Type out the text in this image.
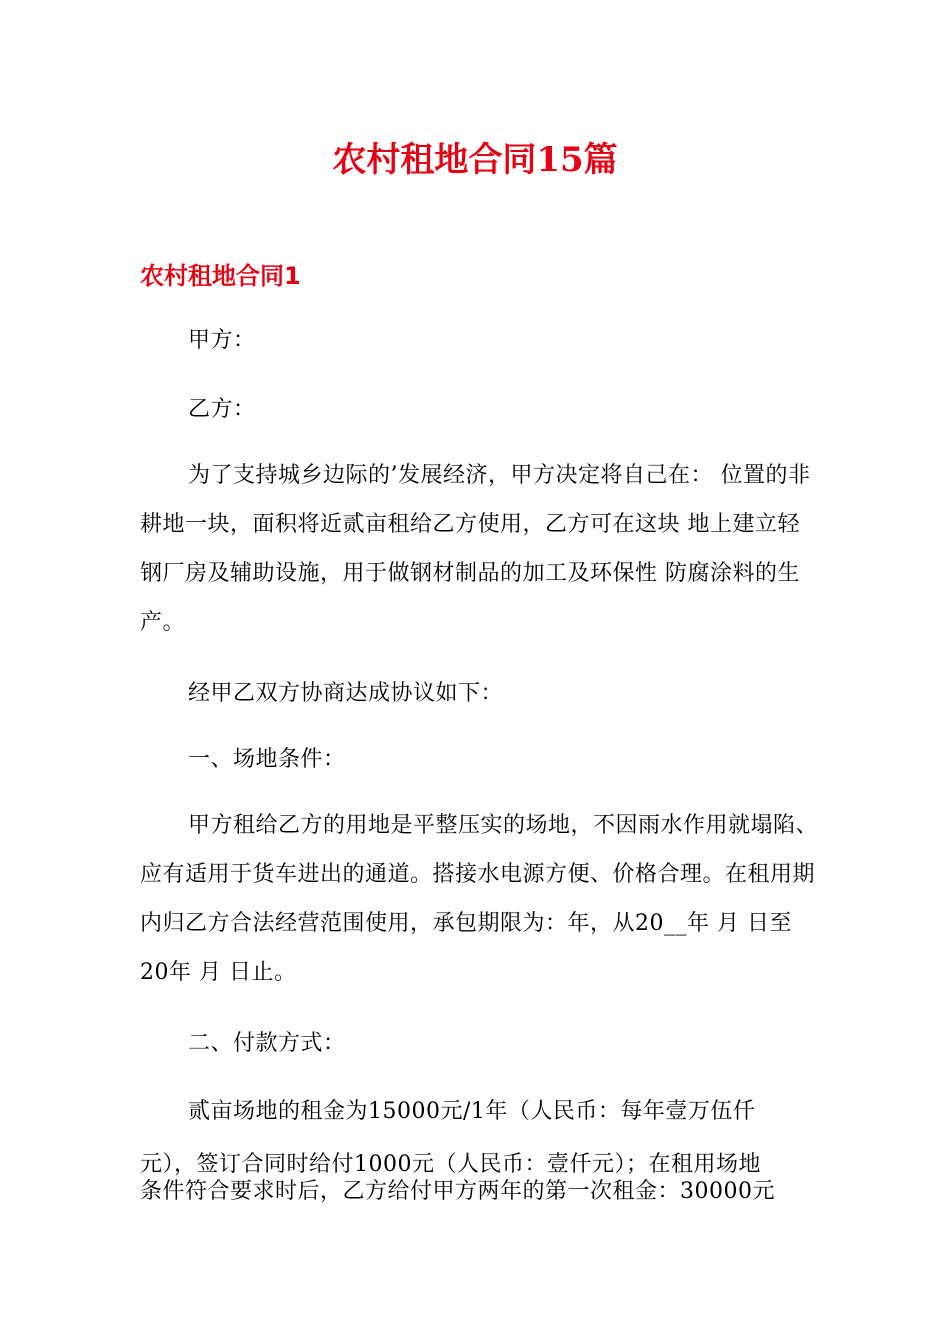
农村租地合同15篇
农村租地合同1
甲方：
乙方：

为了支持城乡边际的’发展经济，甲方决定将自己在： 位置的非耕地一块，面积将近贰亩租给乙方使用，乙方可在这块 地上建立轻钢厂房及辅助设施，用于做钢材制品的加工及环保性 防腐涂料的生产。

经甲乙双方协商达成协议如下：
一、场地条件：

甲方租给乙方的用地是平整压实的场地，不因雨水作用就塌陷、应有适用于货车进出的通道。搭接水电源方便、价格合理。在租用期内归乙方合法经营范围使用，承包期限为：年，从20__年 月 日至20年 月 日止。

二、付款方式：
贰亩场地的租金为15000元/1年（人民币：每年壹万伍仟
元），签订合同时给付1000元（人民币：壹仟元）；在租用场地
条件符合要求时后，乙方给付甲方两年的第一次租金：30000元
